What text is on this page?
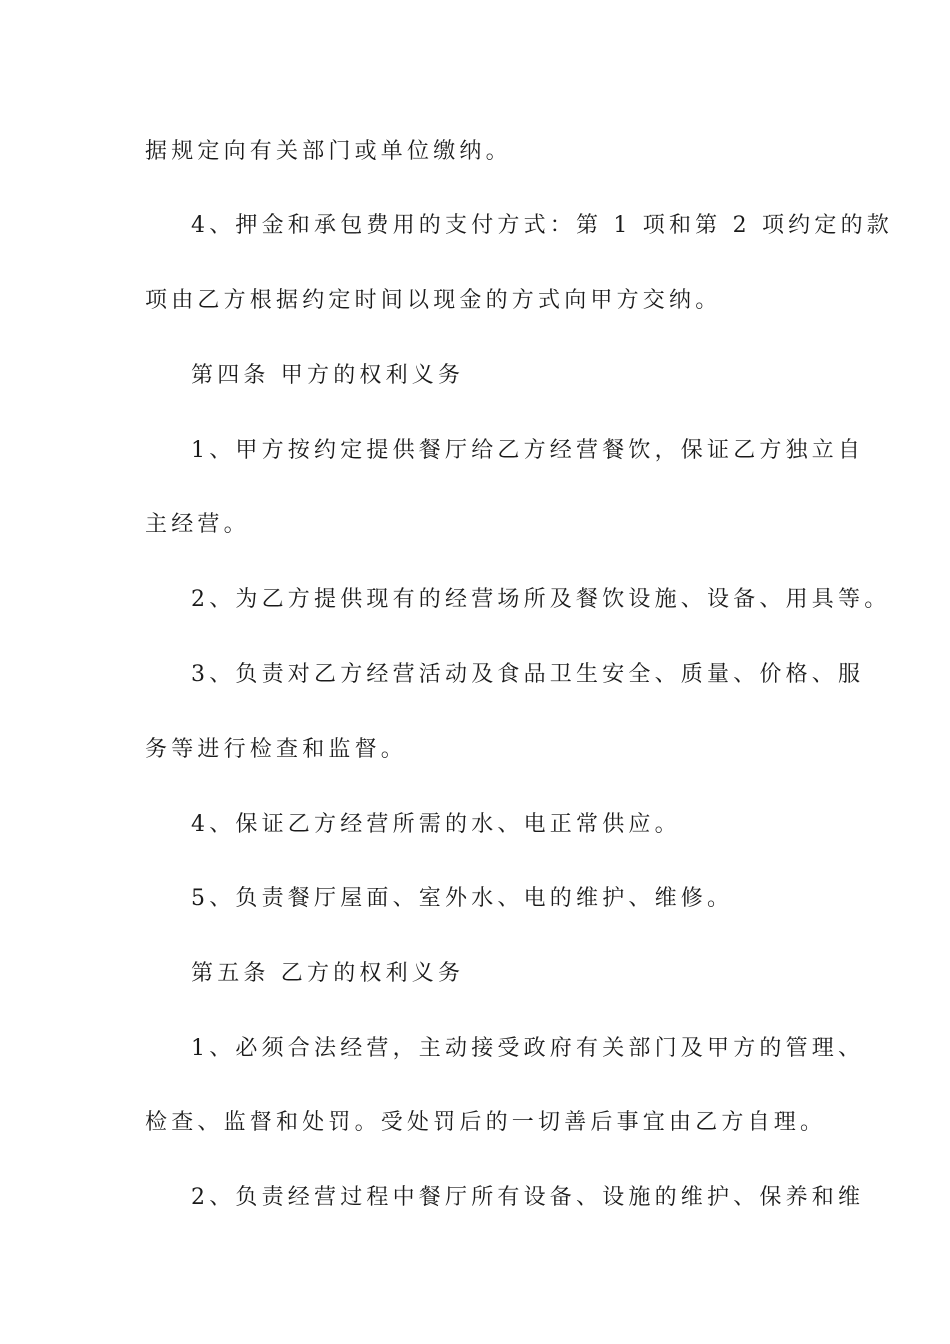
据规定向有关部门或单位缴纳。
4、押金和承包费用的支付方式：第 1 项和第 2 项约定的款
项由乙方根据约定时间以现金的方式向甲方交纳。
第四条 甲方的权利义务
1、甲方按约定提供餐厅给乙方经营餐饮，保证乙方独立自
主经营。
2、为乙方提供现有的经营场所及餐饮设施、设备、用具等。
3、负责对乙方经营活动及食品卫生安全、质量、价格、服
务等进行检查和监督。
4、保证乙方经营所需的水、电正常供应。
5、负责餐厅屋面、室外水、电的维护、维修。
第五条 乙方的权利义务
1、必须合法经营，主动接受政府有关部门及甲方的管理、
检查、监督和处罚。受处罚后的一切善后事宜由乙方自理。
2、负责经营过程中餐厅所有设备、设施的维护、保养和维
